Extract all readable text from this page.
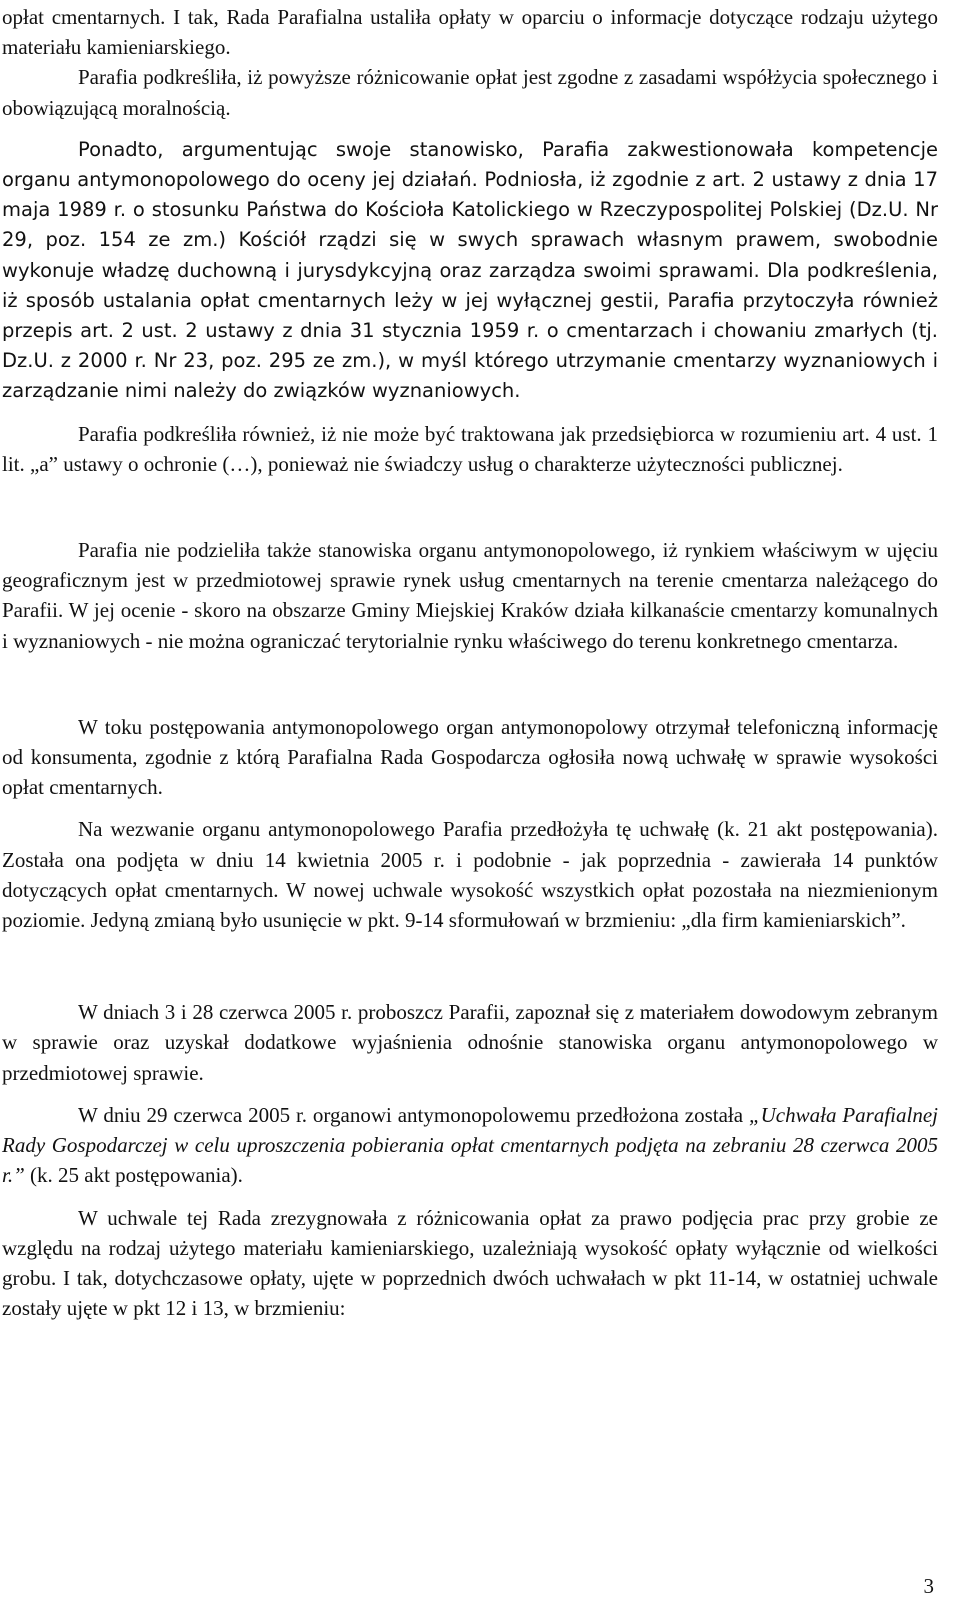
opłat cmentarnych. I tak, Rada Parafialna ustaliła opłaty w oparciu o informacje dotyczące rodzaju użytego materiału kamieniarskiego.

Parafia podkreśliła, iż powyższe różnicowanie opłat jest zgodne z zasadami współżycia społecznego i obowiązującą moralnością.

Ponadto, argumentując swoje stanowisko, Parafia zakwestionowała kompetencje organu antymonopolowego do oceny jej działań. Podniosła, iż zgodnie z art. 2 ustawy z dnia 17 maja 1989 r. o stosunku Państwa do Kościoła Katolickiego w Rzeczypospolitej Polskiej (Dz.U. Nr 29, poz. 154 ze zm.) Kościół rządzi się w swych sprawach własnym prawem, swobodnie wykonuje władzę duchowną i jurysdykcyjną oraz zarządza swoimi sprawami. Dla podkreślenia, iż sposób ustalania opłat cmentarnych leży w jej wyłącznej gestii, Parafia przytoczyła również przepis art. 2 ust. 2 ustawy z dnia 31 stycznia 1959 r. o cmentarzach i chowaniu zmarłych (tj. Dz.U. z 2000 r. Nr 23, poz. 295 ze zm.), w myśl którego utrzymanie cmentarzy wyznaniowych i zarządzanie nimi należy do związków wyznaniowych.

Parafia podkreśliła również, iż nie może być traktowana jak przedsiębiorca w rozumieniu art. 4 ust. 1 lit. „a” ustawy o ochronie (…), ponieważ nie świadczy usług o charakterze użyteczności publicznej.

Parafia nie podzieliła także stanowiska organu antymonopolowego, iż rynkiem właściwym w ujęciu geograficznym jest w przedmiotowej sprawie rynek usług cmentarnych na terenie cmentarza należącego do Parafii. W jej ocenie - skoro na obszarze Gminy Miejskiej Kraków działa kilkanaście cmentarzy komunalnych i wyznaniowych - nie można ograniczać terytorialnie rynku właściwego do terenu konkretnego cmentarza.

W toku postępowania antymonopolowego organ antymonopolowy otrzymał telefoniczną informację od konsumenta, zgodnie z którą Parafialna Rada Gospodarcza ogłosiła nową uchwałę w sprawie wysokości opłat cmentarnych.

Na wezwanie organu antymonopolowego Parafia przedłożyła tę uchwałę (k. 21 akt postępowania). Została ona podjęta w dniu 14 kwietnia 2005 r. i podobnie - jak poprzednia - zawierała 14 punktów dotyczących opłat cmentarnych. W nowej uchwale wysokość wszystkich opłat pozostała na niezmienionym poziomie. Jedyną zmianą było usunięcie w pkt. 9-14 sformułowań w brzmieniu: „dla firm kamieniarskich”.

W dniach 3 i 28 czerwca 2005 r. proboszcz Parafii, zapoznał się z materiałem dowodowym zebranym w sprawie oraz uzyskał dodatkowe wyjaśnienia odnośnie stanowiska organu antymonopolowego w przedmiotowej sprawie.

W dniu 29 czerwca 2005 r. organowi antymonopolowemu przedłożona została „Uchwała Parafialnej Rady Gospodarczej w celu uproszczenia pobierania opłat cmentarnych podjęta na zebraniu 28 czerwca 2005 r.” (k. 25 akt postępowania).

W uchwale tej Rada zrezygnowała z różnicowania opłat za prawo podjęcia prac przy grobie ze względu na rodzaj użytego materiału kamieniarskiego, uzależniają wysokość opłaty wyłącznie od wielkości grobu. I tak, dotychczasowe opłaty, ujęte w poprzednich dwóch uchwałach w pkt 11-14, w ostatniej uchwale zostały ujęte w pkt 12 i 13, w brzmieniu:

3
